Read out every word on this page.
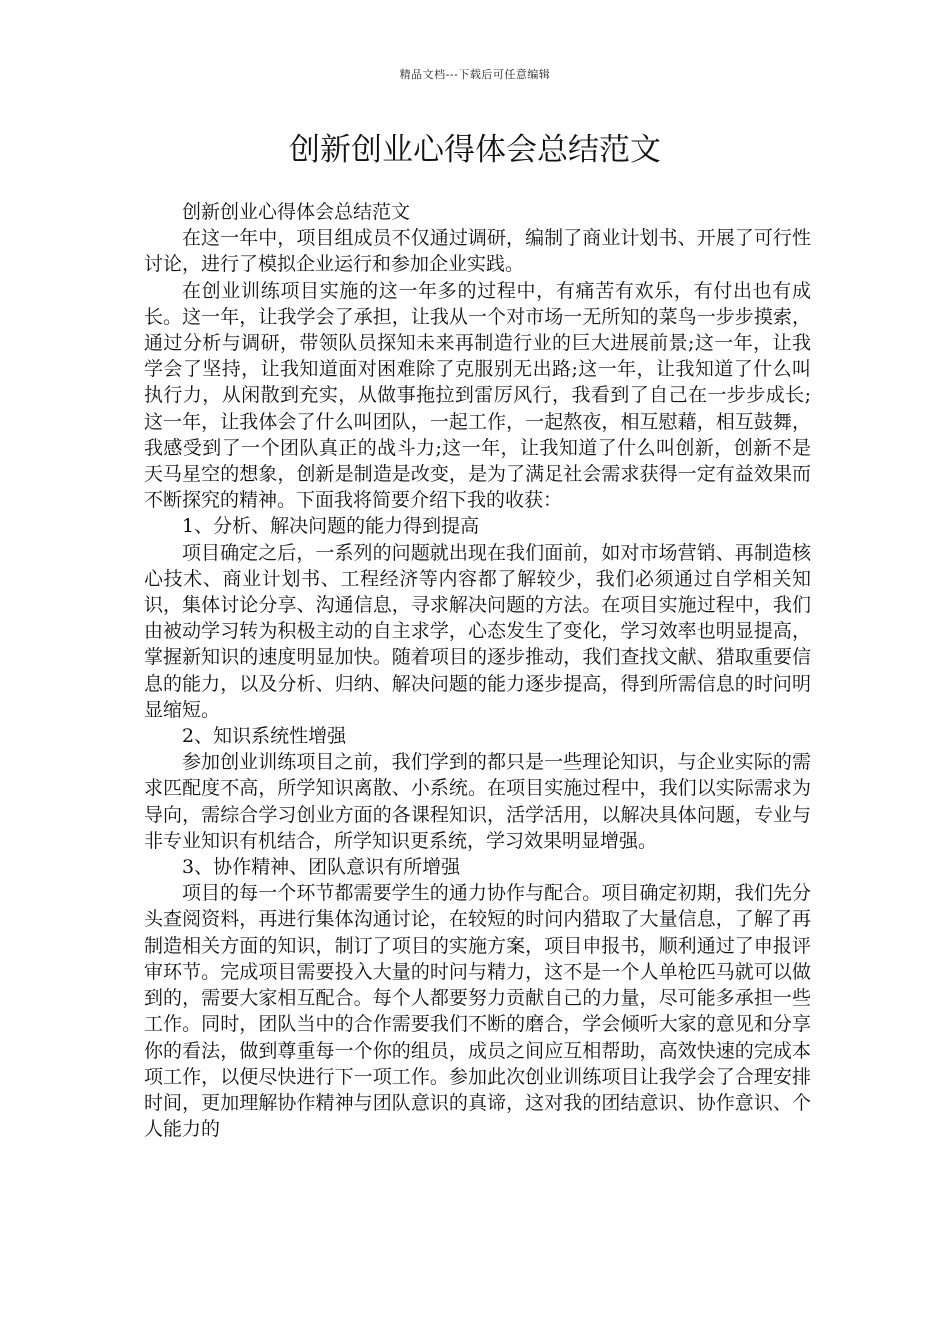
精品文档---下载后可任意编辑
创新创业心得体会总结范文

创新创业心得体会总结范文

在这一年中，项目组成员不仅通过调研，编制了商业计划书、开展了可行性讨论，进行了模拟企业运行和参加企业实践。

在创业训练项目实施的这一年多的过程中，有痛苦有欢乐，有付出也有成长。这一年，让我学会了承担，让我从一个对市场一无所知的菜鸟一步步摸索，通过分析与调研，带领队员探知未来再制造行业的巨大进展前景;这一年，让我学会了坚持，让我知道面对困难除了克服别无出路;这一年，让我知道了什么叫执行力，从闲散到充实，从做事拖拉到雷厉风行，我看到了自己在一步步成长;这一年，让我体会了什么叫团队，一起工作，一起熬夜，相互慰藉，相互鼓舞，我感受到了一个团队真正的战斗力;这一年，让我知道了什么叫创新，创新不是天马星空的想象，创新是制造是改变，是为了满足社会需求获得一定有益效果而不断探究的精神。下面我将简要介绍下我的收获：

1、分析、解决问题的能力得到提高

项目确定之后，一系列的问题就出现在我们面前，如对市场营销、再制造核心技术、商业计划书、工程经济等内容都了解较少，我们必须通过自学相关知识，集体讨论分享、沟通信息，寻求解决问题的方法。在项目实施过程中，我们由被动学习转为积极主动的自主求学，心态发生了变化，学习效率也明显提高，掌握新知识的速度明显加快。随着项目的逐步推动，我们查找文献、猎取重要信息的能力，以及分析、归纳、解决问题的能力逐步提高，得到所需信息的时问明显缩短。

2、知识系统性增强

参加创业训练项目之前，我们学到的都只是一些理论知识，与企业实际的需求匹配度不高，所学知识离散、小系统。在项目实施过程中，我们以实际需求为导向，需综合学习创业方面的各课程知识，活学活用，以解决具体问题，专业与非专业知识有机结合，所学知识更系统，学习效果明显增强。

3、协作精神、团队意识有所增强

项目的每一个环节都需要学生的通力协作与配合。项目确定初期，我们先分头查阅资料，再进行集体沟通讨论，在较短的时问内猎取了大量信息，了解了再制造相关方面的知识，制订了项目的实施方案，项目申报书，顺利通过了申报评审环节。完成项目需要投入大量的时问与精力，这不是一个人单枪匹马就可以做到的，需要大家相互配合。每个人都要努力贡献自己的力量，尽可能多承担一些工作。同时，团队当中的合作需要我们不断的磨合，学会倾听大家的意见和分享你的看法，做到尊重每一个你的组员，成员之间应互相帮助，高效快速的完成本项工作，以便尽快进行下一项工作。参加此次创业训练项目让我学会了合理安排时间，更加理解协作精神与团队意识的真谛，这对我的团结意识、协作意识、个人能力的
